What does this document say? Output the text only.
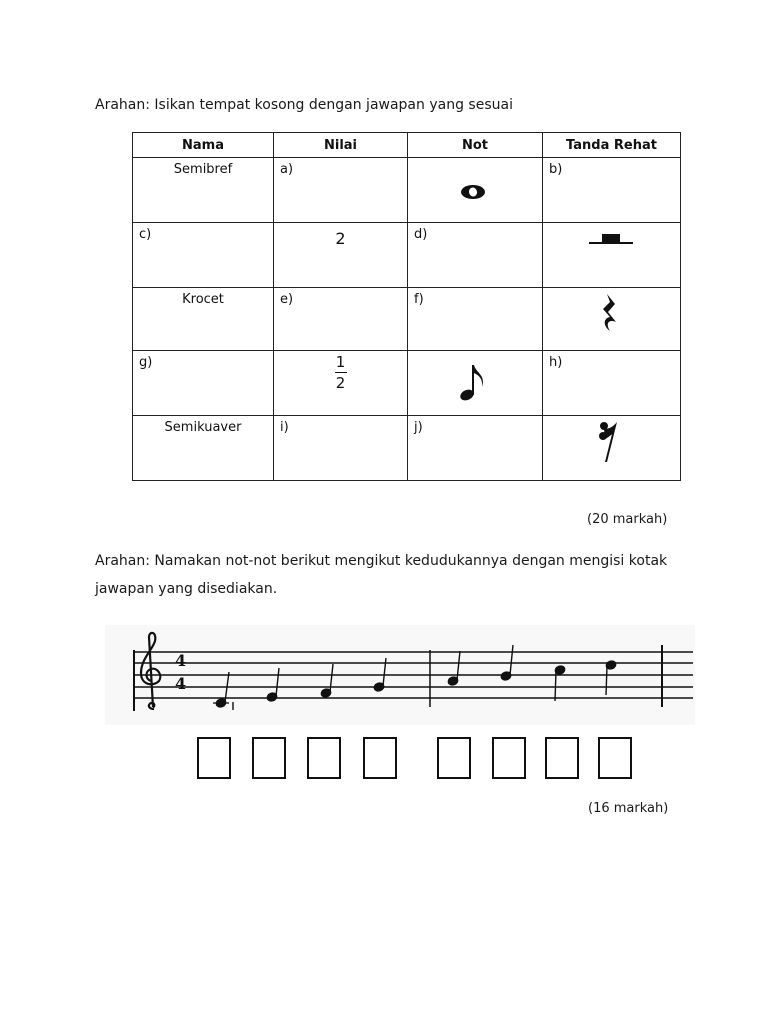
Arahan: Isikan tempat kosong dengan jawapan yang sesuai
Nama	Nilai	Not	Tanda Rehat

Semibref	a)		b)

c)	2	d)

Krocet	e)	f)

g)	1
2		h)

Semikuaver	i)	j)

(20 markah)
Arahan: Namakan not-not berikut mengikut kedudukannya dengan mengisi kotak jawapan yang disediakan.
4
4
(16 markah)
